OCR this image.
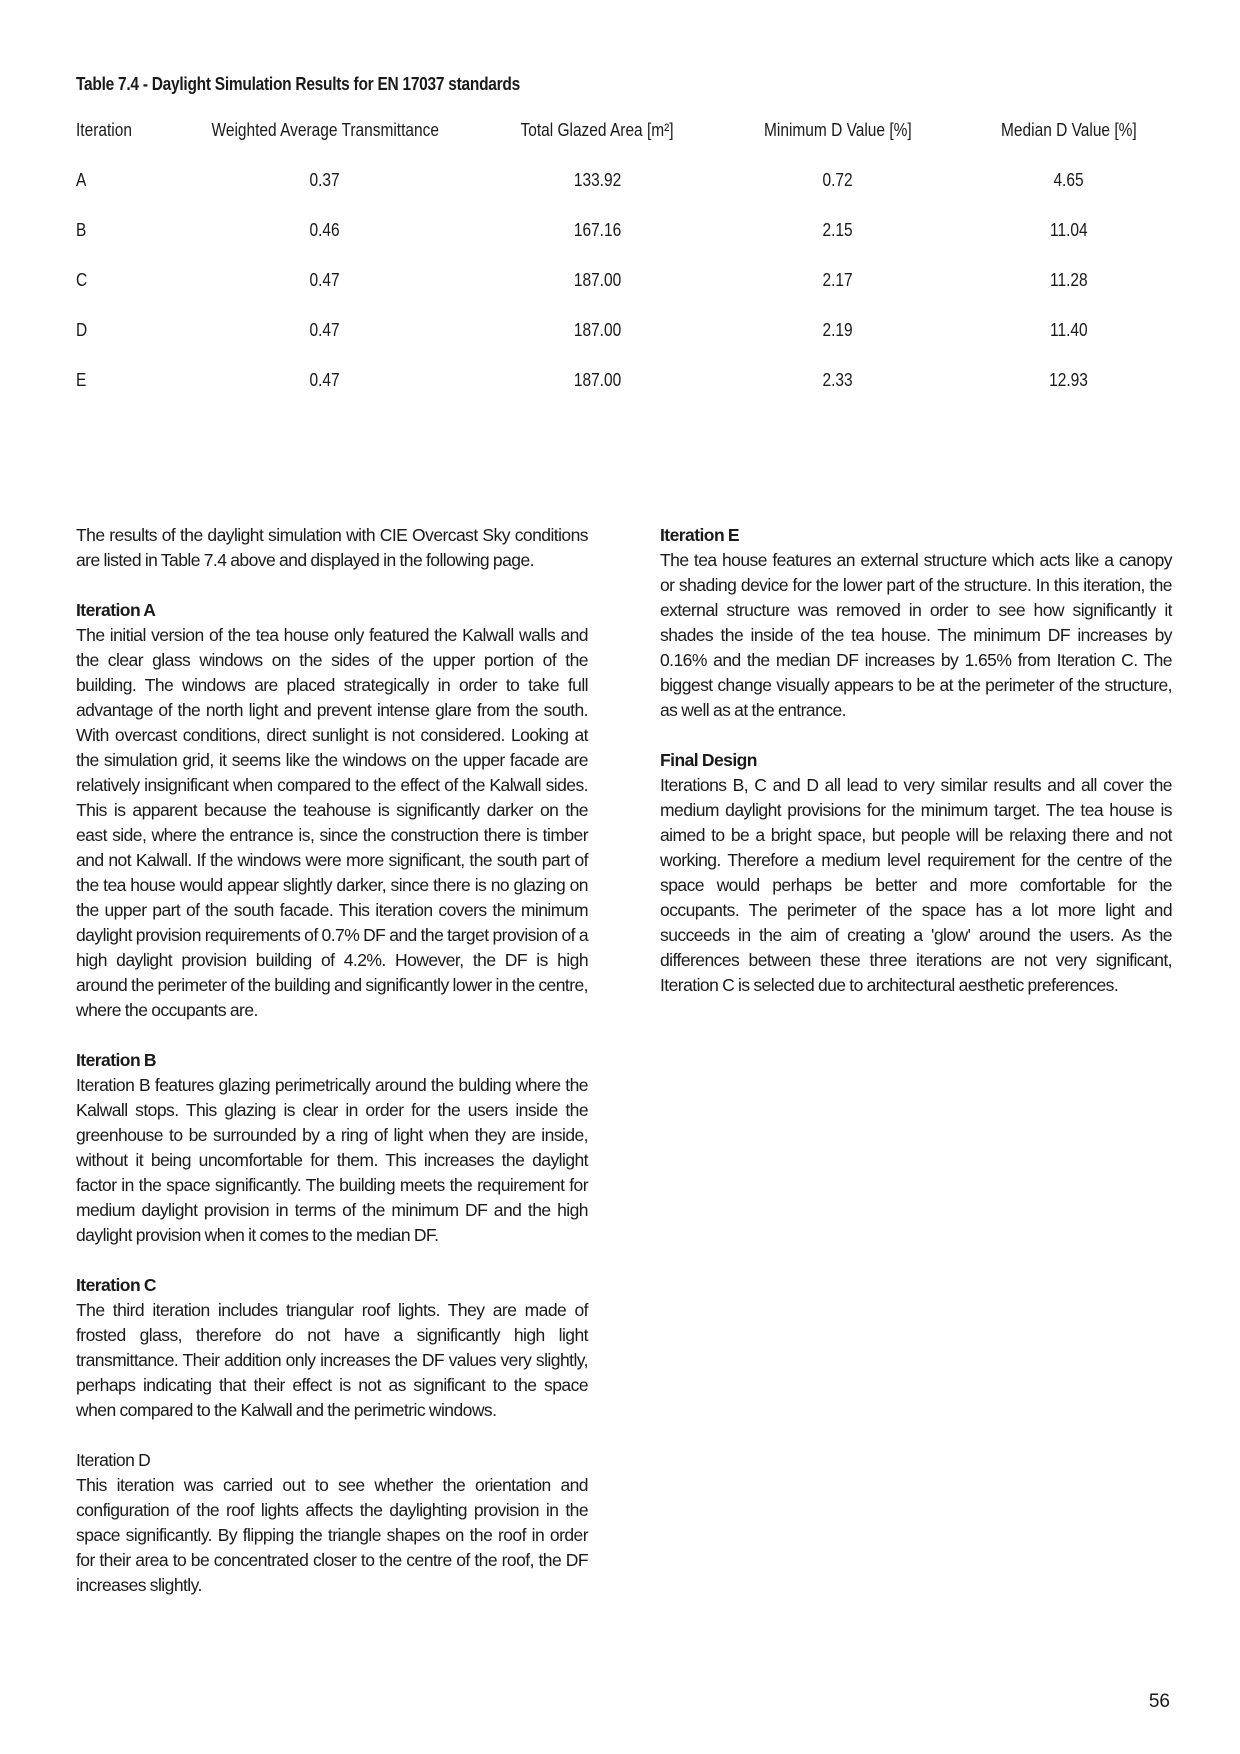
Table 7.4 - Daylight Simulation Results for EN 17037 standards
Iteration	Weighted Average Transmittance	Total Glazed Area [m²]	Minimum D Value [%]	Median D Value [%]
A	0.37	133.92	0.72	4.65
B	0.46	167.16	2.15	11.04
C	0.47	187.00	2.17	11.28
D	0.47	187.00	2.19	11.40
E	0.47	187.00	2.33	12.93

The results of the daylight simulation with CIE Overcast Sky conditions are listed in Table 7.4 above and displayed in the following page.

Iteration A
The initial version of the tea house only featured the Kalwall walls and the clear glass windows on the sides of the upper portion of the building. The windows are placed strategically in order to take full advantage of the north light and prevent intense glare from the south. With overcast conditions, direct sunlight is not considered. Looking at the simulation grid, it seems like the windows on the upper facade are relatively insignificant when compared to the effect of the Kalwall sides. This is apparent because the teahouse is significantly darker on the east side, where the entrance is, since the construction there is timber and not Kalwall. If the windows were more significant, the south part of the tea house would appear slightly darker, since there is no glazing on the upper part of the south facade. This iteration covers the minimum daylight provision requirements of 0.7% DF and the target provision of a high daylight provision building of 4.2%. However, the DF is high around the perimeter of the building and significantly lower in the centre, where the occupants are.

Iteration B
Iteration B features glazing perimetrically around the bulding where the Kalwall stops. This glazing is clear in order for the users inside the greenhouse to be surrounded by a ring of light when they are inside, without it being uncomfortable for them. This increases the daylight factor in the space significantly. The building meets the requirement for medium daylight provision in terms of the minimum DF and the high daylight provision when it comes to the median DF.

Iteration C
The third iteration includes triangular roof lights. They are made of frosted glass, therefore do not have a significantly high light transmittance. Their addition only increases the DF values very slightly, perhaps indicating that their effect is not as significant to the space when compared to the Kalwall and the perimetric windows.

Iteration D
This iteration was carried out to see whether the orientation and configuration of the roof lights affects the daylighting provision in the space significantly. By flipping the triangle shapes on the roof in order for their area to be concentrated closer to the centre of the roof, the DF increases slightly.

Iteration E
The tea house features an external structure which acts like a canopy or shading device for the lower part of the structure. In this iteration, the external structure was removed in order to see how significantly it shades the inside of the tea house. The minimum DF increases by 0.16% and the median DF increases by 1.65% from Iteration C. The biggest change visually appears to be at the perimeter of the structure, as well as at the entrance.

Final Design
Iterations B, C and D all lead to very similar results and all cover the medium daylight provisions for the minimum target. The tea house is aimed to be a bright space, but people will be relaxing there and not working. Therefore a medium level requirement for the centre of the space would perhaps be better and more comfortable for the occupants. The perimeter of the space has a lot more light and succeeds in the aim of creating a 'glow' around the users. As the differences between these three iterations are not very significant, Iteration C is selected due to architectural aesthetic preferences.

56
